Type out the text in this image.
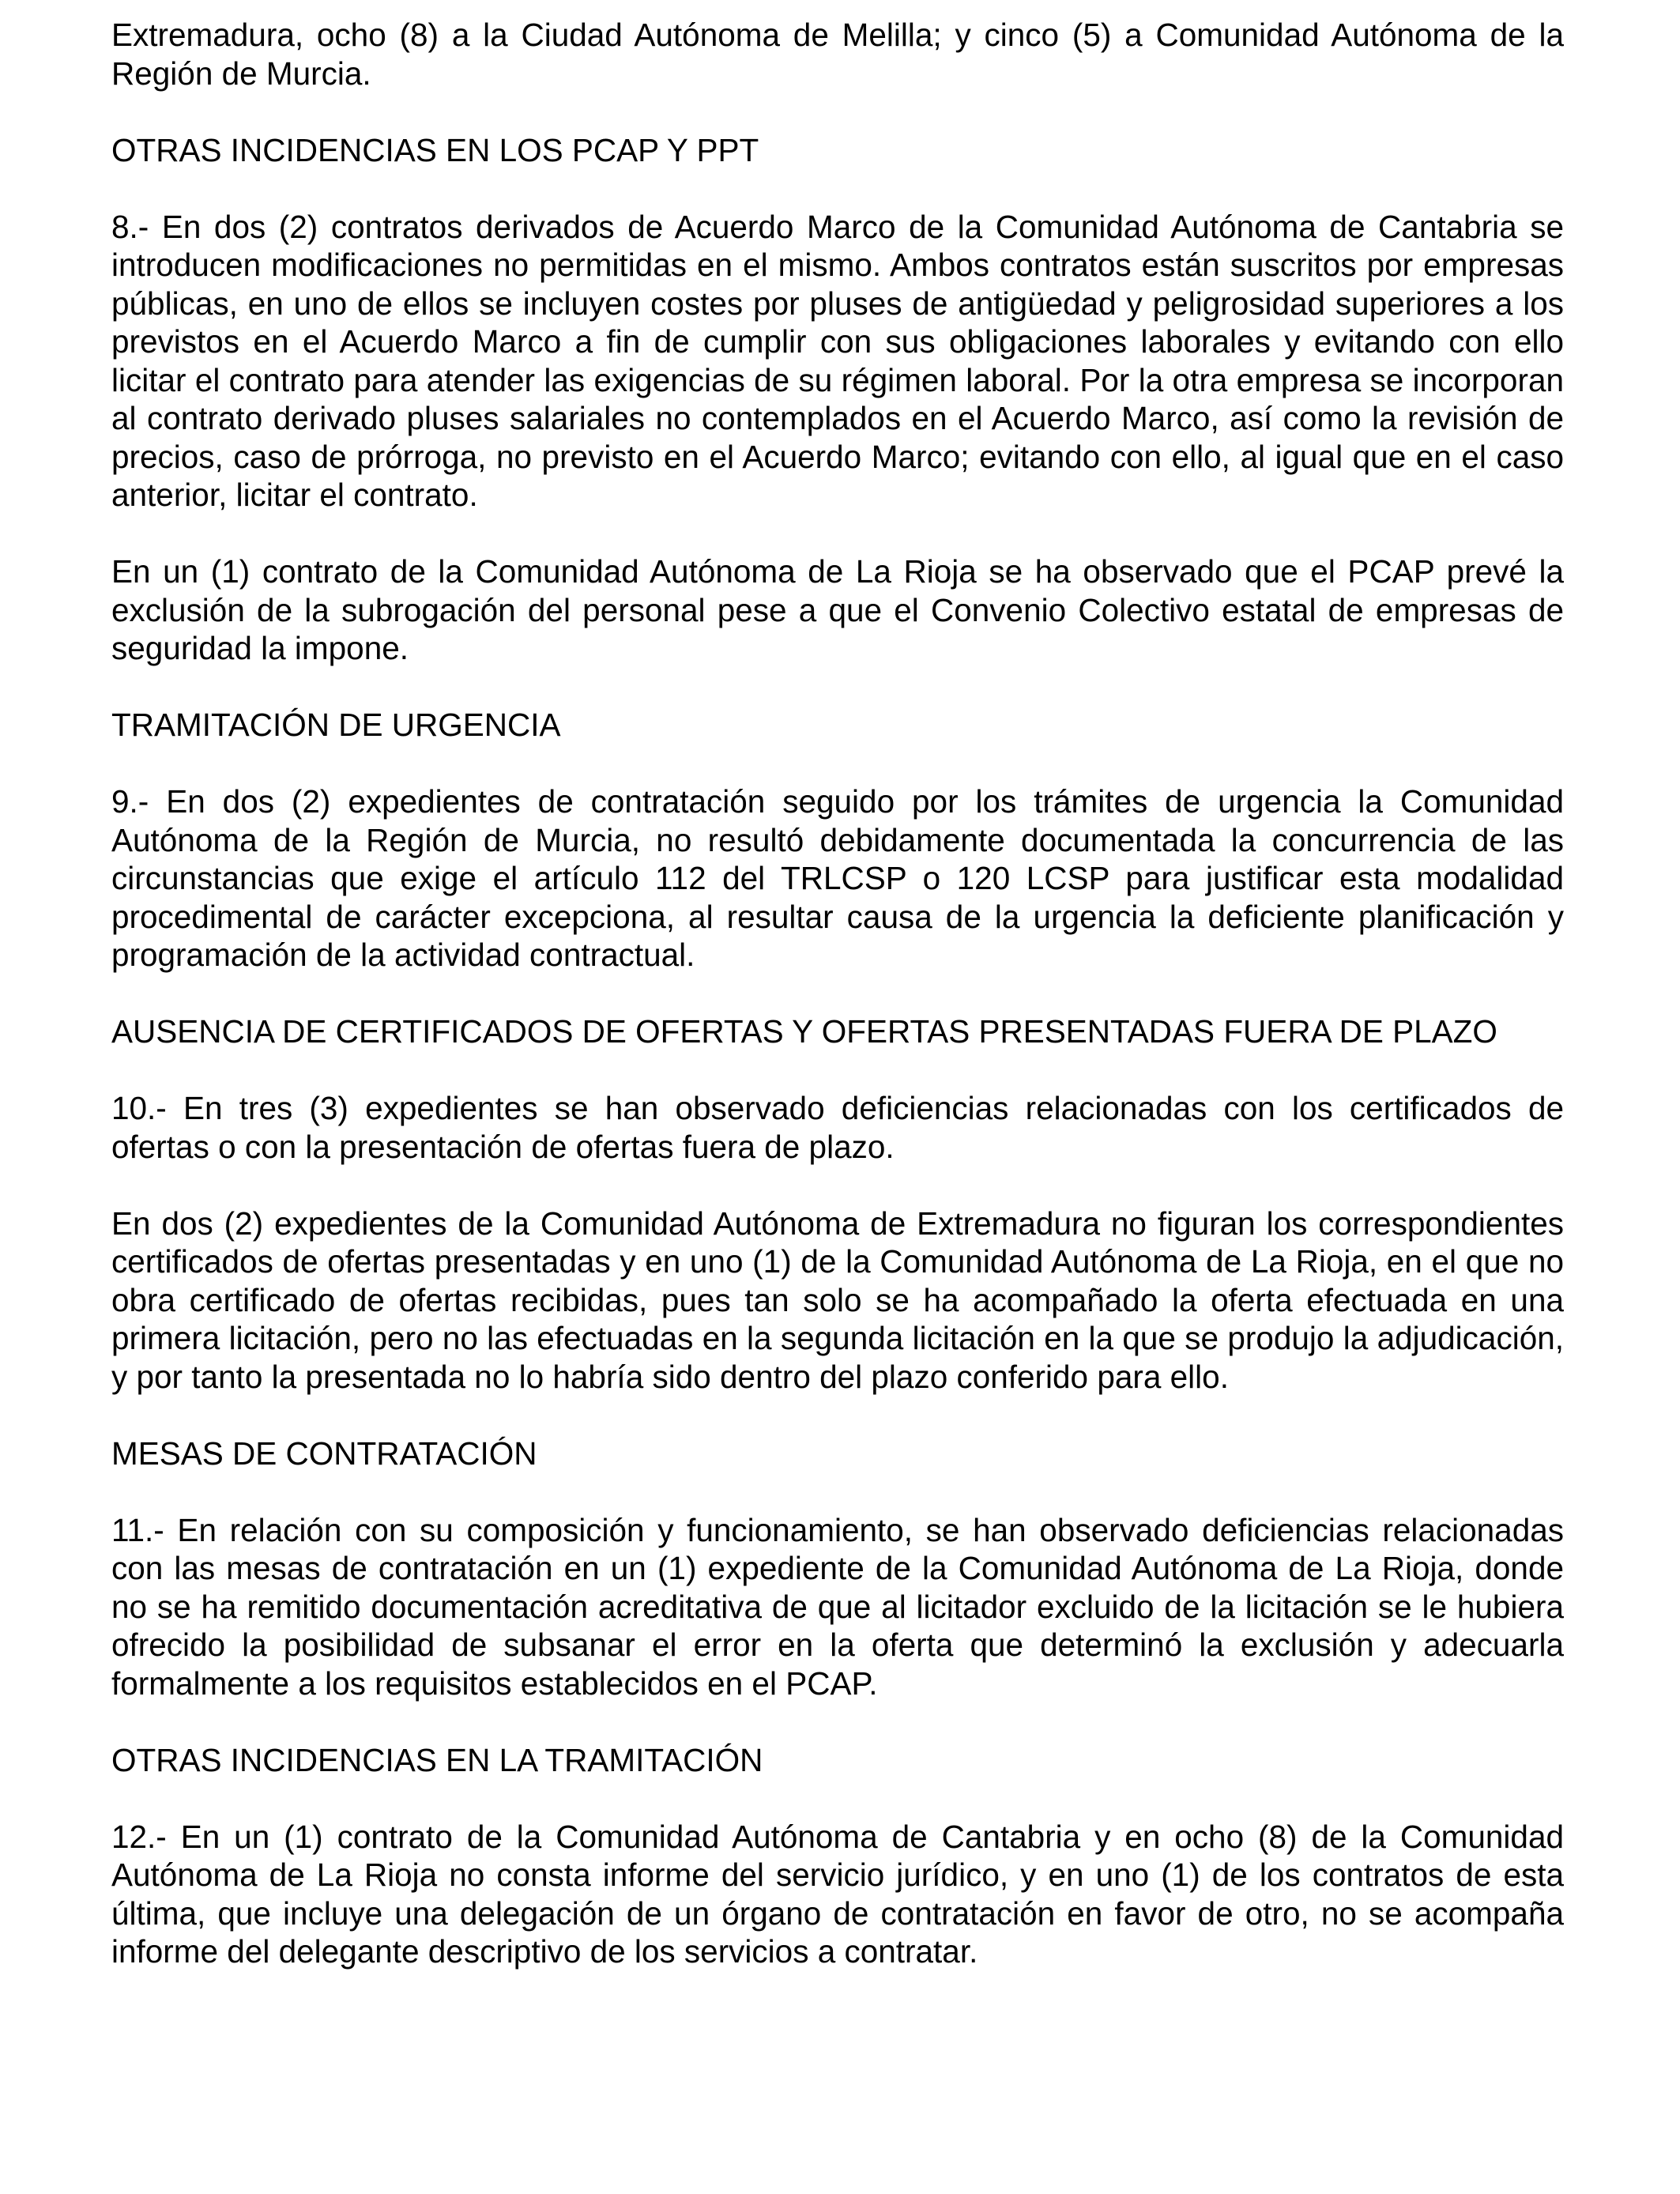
Extremadura, ocho (8) a la Ciudad Autónoma de Melilla; y cinco (5) a Comunidad Autónoma de la Región de Murcia.

OTRAS INCIDENCIAS EN LOS PCAP Y PPT

8.- En dos (2) contratos derivados de Acuerdo Marco de la Comunidad Autónoma de Cantabria se introducen modificaciones no permitidas en el mismo. Ambos contratos están suscritos por empresas públicas, en uno de ellos se incluyen costes por pluses de antigüedad y peligrosidad superiores a los previstos en el Acuerdo Marco a fin de cumplir con sus obligaciones laborales y evitando con ello licitar el contrato para atender las exigencias de su régimen laboral. Por la otra empresa se incorporan al contrato derivado pluses salariales no contemplados en el Acuerdo Marco, así como la revisión de precios, caso de prórroga, no previsto en el Acuerdo Marco; evitando con ello, al igual que en el caso anterior, licitar el contrato.

En un (1) contrato de la Comunidad Autónoma de La Rioja se ha observado que el PCAP prevé la exclusión de la subrogación del personal pese a que el Convenio Colectivo estatal de empresas de seguridad la impone.

TRAMITACIÓN DE URGENCIA

9.- En dos (2) expedientes de contratación seguido por los trámites de urgencia la Comunidad Autónoma de la Región de Murcia, no resultó debidamente documentada la concurrencia de las circunstancias que exige el artículo 112 del TRLCSP o 120 LCSP para justificar esta modalidad procedimental de carácter excepciona, al resultar causa de la urgencia la deficiente planificación y programación de la actividad contractual.

AUSENCIA DE CERTIFICADOS DE OFERTAS Y OFERTAS PRESENTADAS FUERA DE PLAZO

10.- En tres (3) expedientes se han observado deficiencias relacionadas con los certificados de ofertas o con la presentación de ofertas fuera de plazo.

En dos (2) expedientes de la Comunidad Autónoma de Extremadura no figuran los correspondientes certificados de ofertas presentadas y en uno (1) de la Comunidad Autónoma de La Rioja, en el que no obra certificado de ofertas recibidas, pues tan solo se ha acompañado la oferta efectuada en una primera licitación, pero no las efectuadas en la segunda licitación en la que se produjo la adjudicación, y por tanto la presentada no lo habría sido dentro del plazo conferido para ello.

MESAS DE CONTRATACIÓN

11.- En relación con su composición y funcionamiento, se han observado deficiencias relacionadas con las mesas de contratación en un (1) expediente de la Comunidad Autónoma de La Rioja, donde no se ha remitido documentación acreditativa de que al licitador excluido de la licitación se le hubiera ofrecido la posibilidad de subsanar el error en la oferta que determinó la exclusión y adecuarla formalmente a los requisitos establecidos en el PCAP.

OTRAS INCIDENCIAS EN LA TRAMITACIÓN

12.- En un (1) contrato de la Comunidad Autónoma de Cantabria y en ocho (8) de la Comunidad Autónoma de La Rioja no consta informe del servicio jurídico, y en uno (1) de los contratos de esta última, que incluye una delegación de un órgano de contratación en favor de otro, no se acompaña informe del delegante descriptivo de los servicios a contratar.
